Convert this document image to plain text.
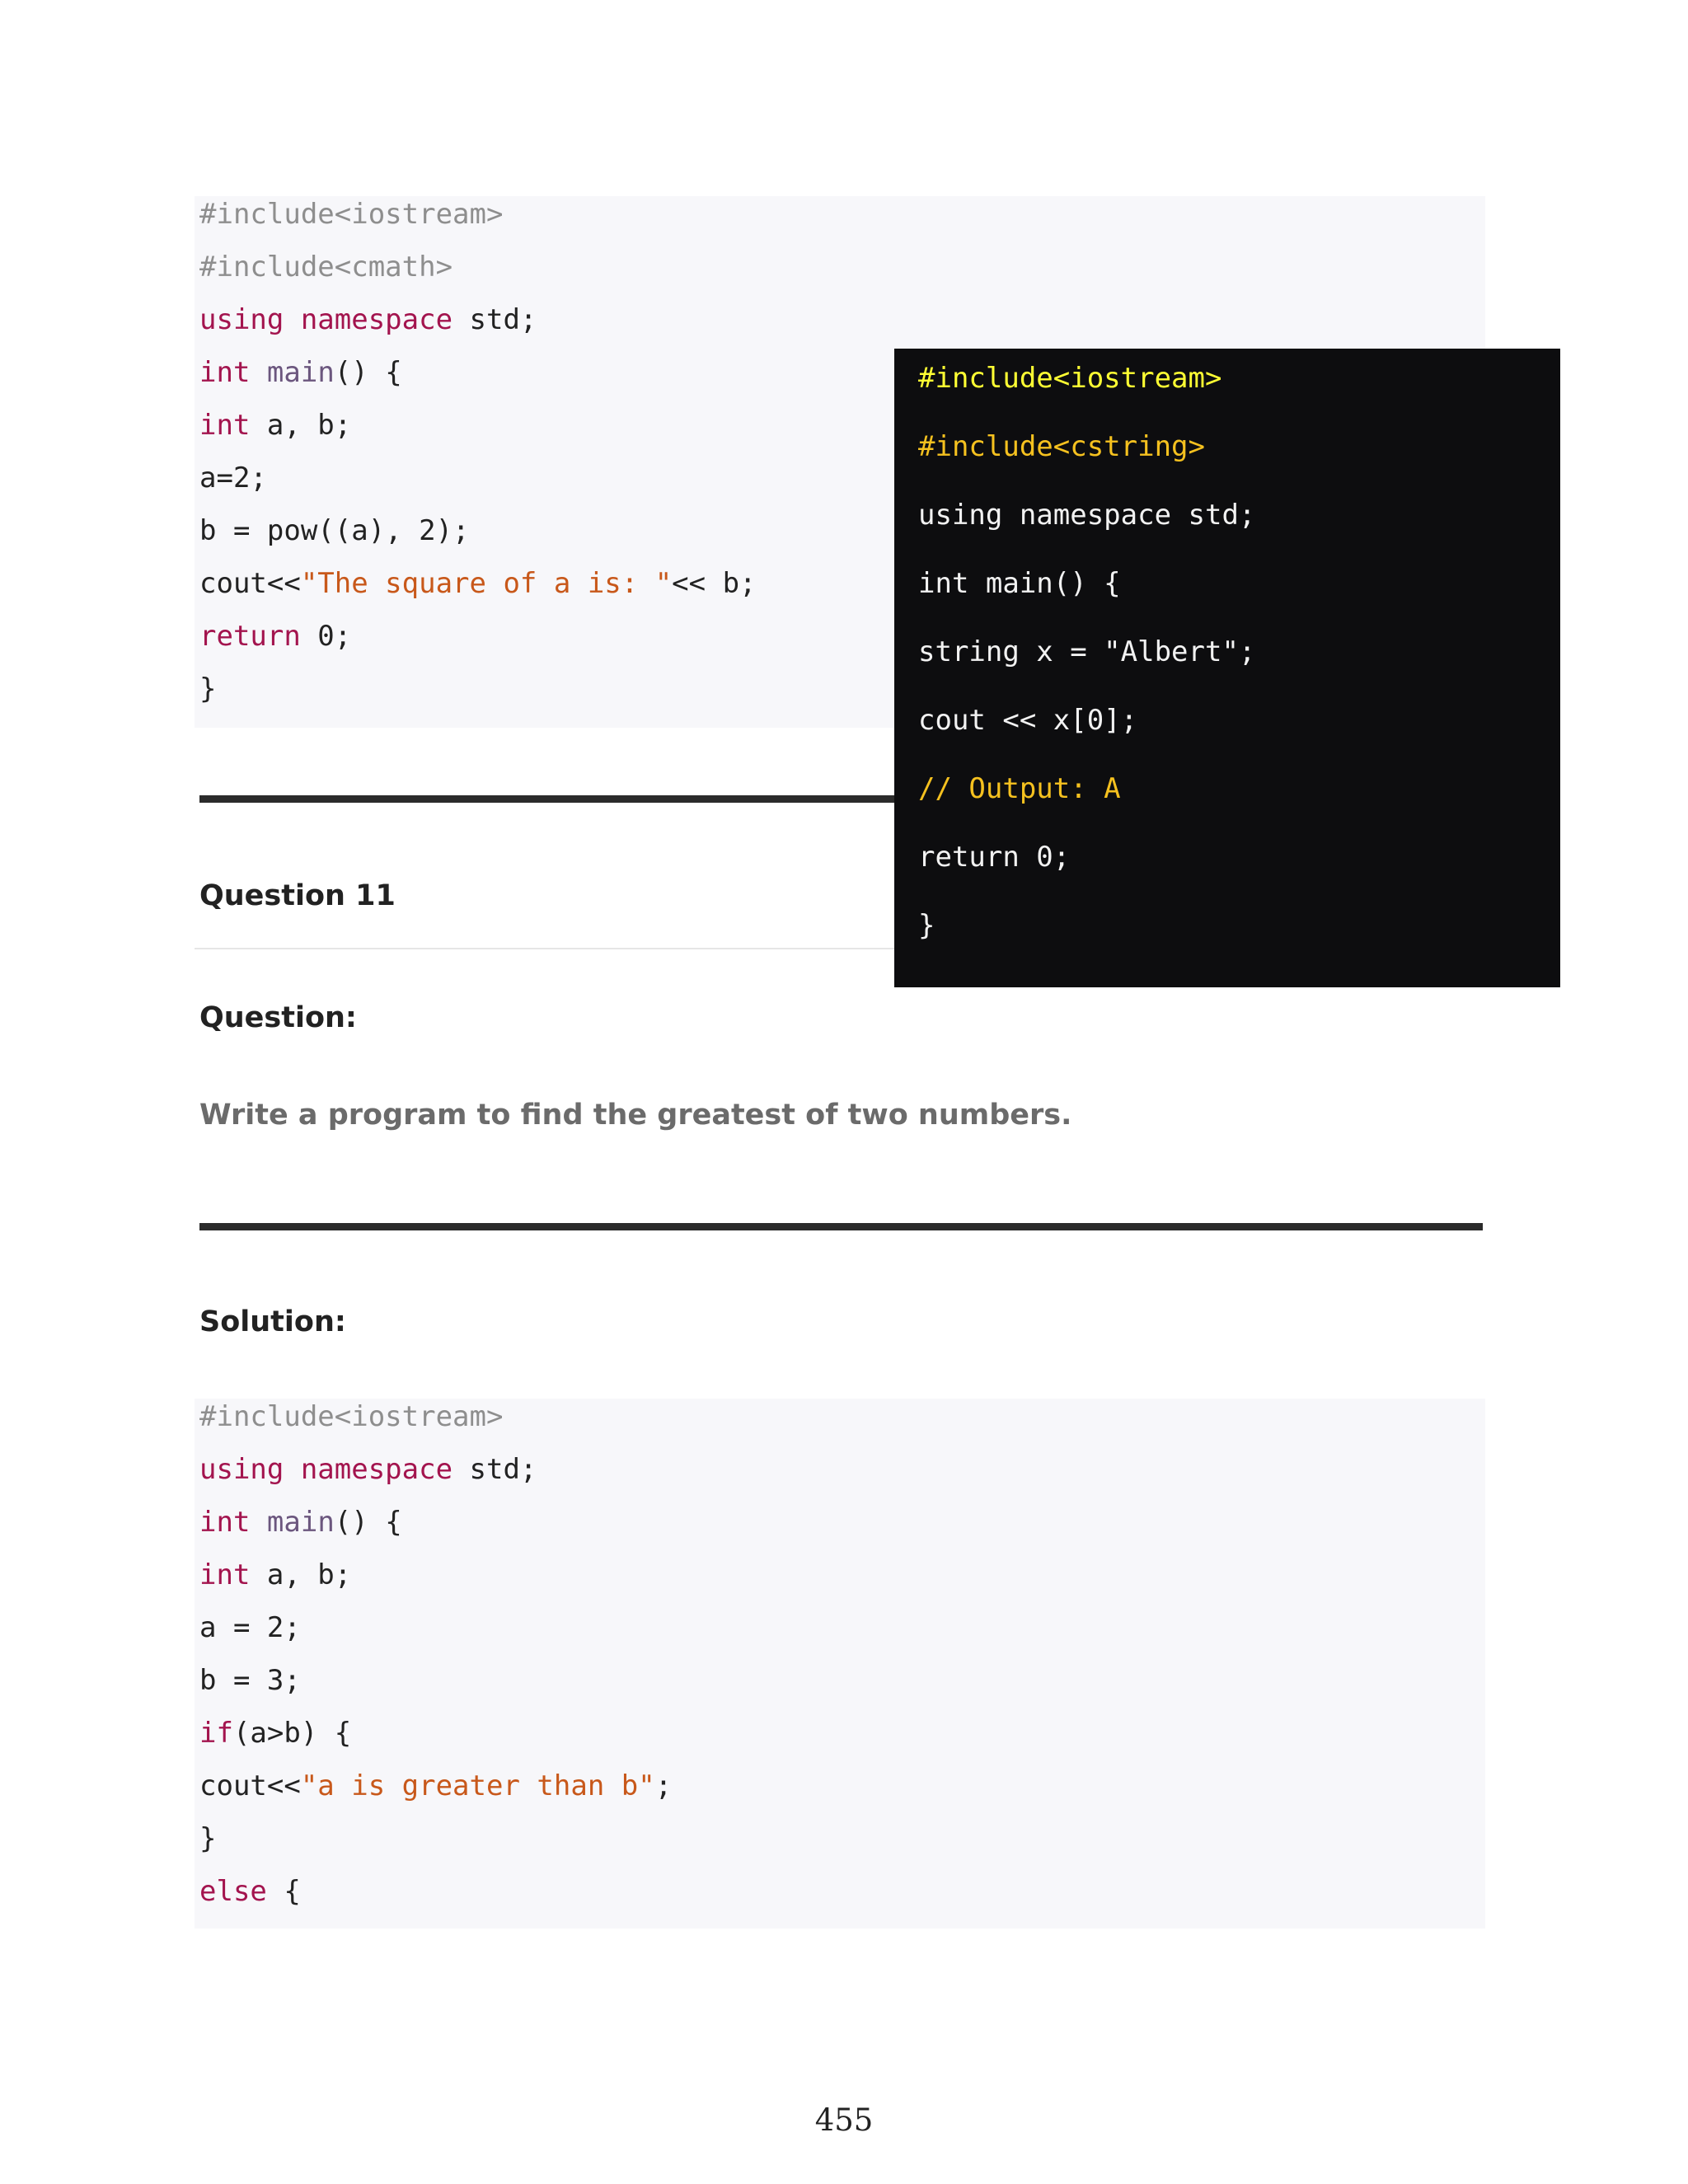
#include<iostream>
#include<cmath>
using namespace std;
int main() {
int a, b;
a=2;
b = pow((a), 2);
cout<<"The square of a is: "<< b;
return 0;
}
Question 11
#include<iostream>
#include<cstring>
using namespace std;
int main() {
string x = "Albert";
cout << x[0];
// Output: A
return 0;
}
Question:
Write a program to find the greatest of two numbers.
Solution:
#include<iostream>
using namespace std;
int main() {
int a, b;
a = 2;
b = 3;
if(a>b) {
cout<<"a is greater than b";
}
else {
455
